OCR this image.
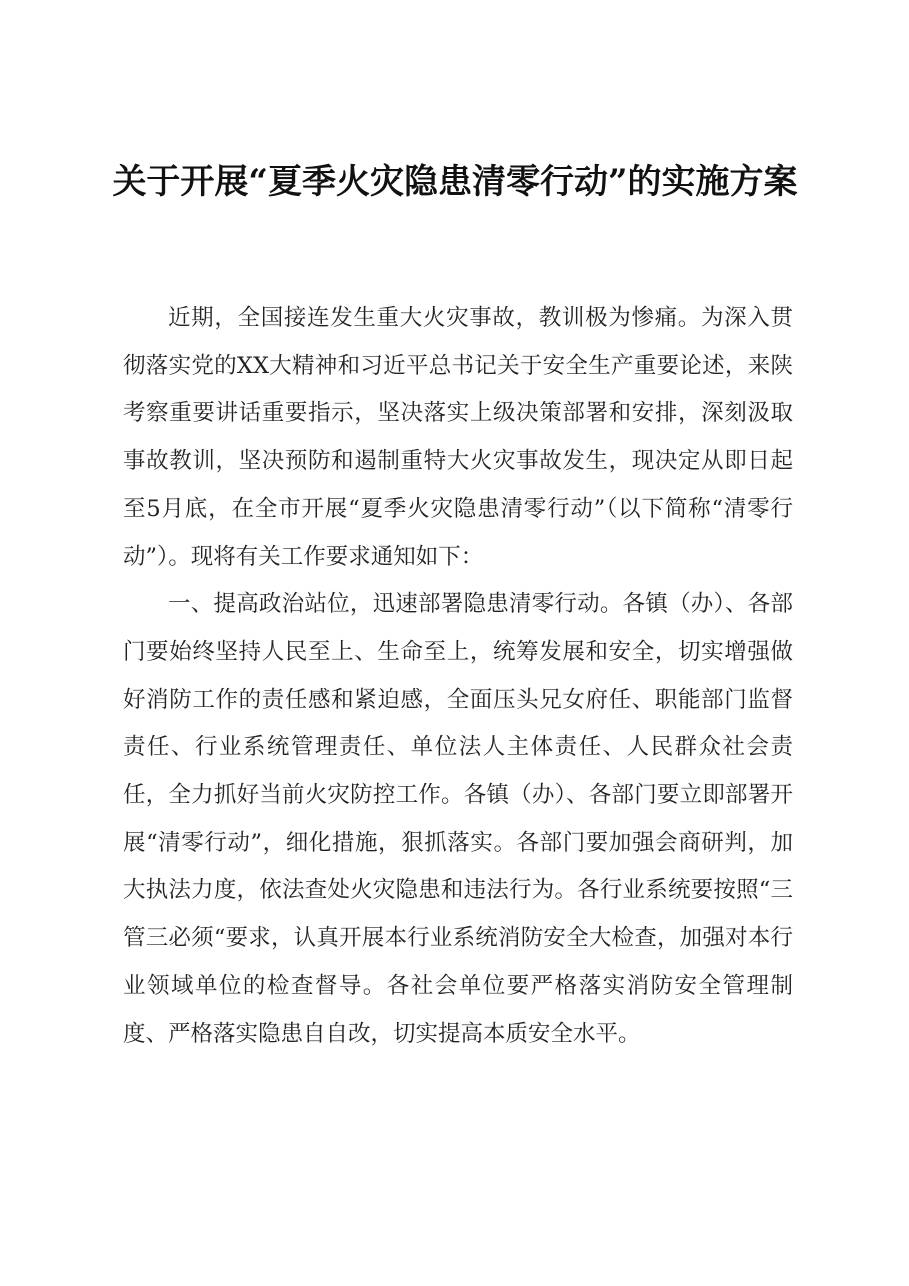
关于开展“夏季火灾隐患清零行动”的实施方案

近期，全国接连发生重大火灾事故，教训极为惨痛。为深入贯彻落实党的XX大精神和习近平总书记关于安全生产重要论述，来陕考察重要讲话重要指示，坚决落实上级决策部署和安排，深刻汲取事故教训，坚决预防和遏制重特大火灾事故发生，现决定从即日起至5月底，在全市开展“夏季火灾隐患清零行动”（以下简称“清零行动”）。现将有关工作要求通知如下：

一、提高政治站位，迅速部署隐患清零行动。各镇（办）、各部门要始终坚持人民至上、生命至上，统筹发展和安全，切实增强做好消防工作的责任感和紧迫感，全面压头兄女府任、职能部门监督责任、行业系统管理责任、单位法人主体责任、人民群众社会责任，全力抓好当前火灾防控工作。各镇（办）、各部门要立即部署开展“清零行动”，细化措施，狠抓落实。各部门要加强会商研判，加大执法力度，依法查处火灾隐患和违法行为。各行业系统要按照“三管三必须“要求，认真开展本行业系统消防安全大检查，加强对本行业领域单位的检查督导。各社会单位要严格落实消防安全管理制度、严格落实隐患自自改，切实提高本质安全水平。
